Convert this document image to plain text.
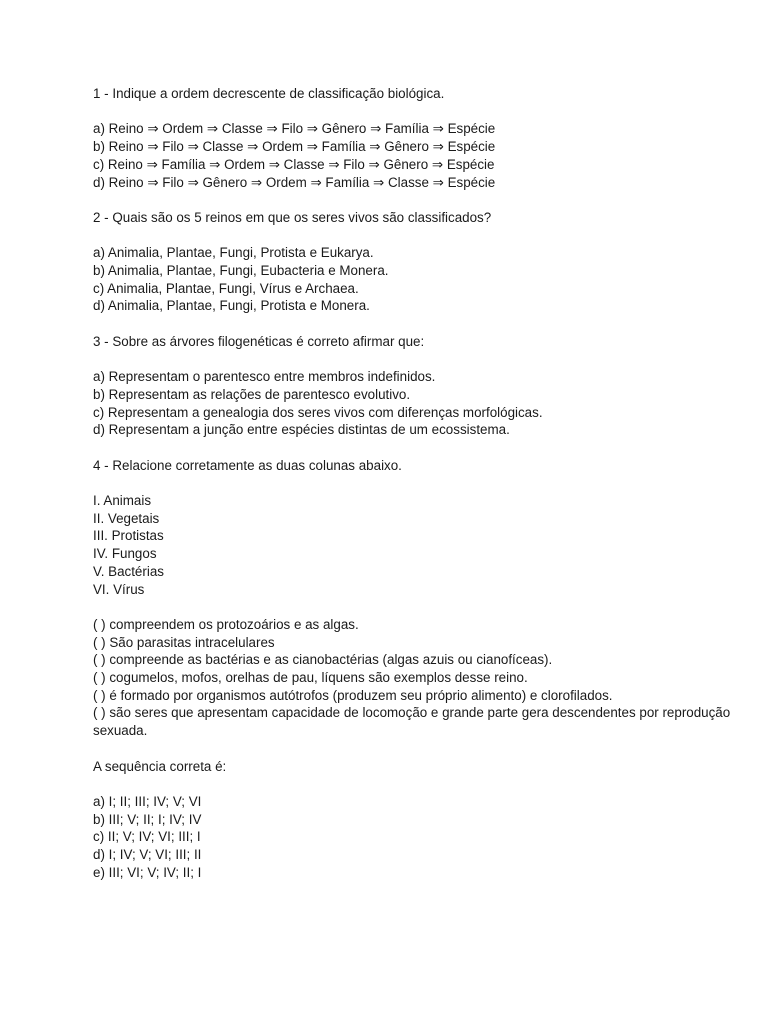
1 - Indique a ordem decrescente de classificação biológica.
a) Reino ⇒ Ordem ⇒ Classe ⇒ Filo ⇒ Gênero ⇒ Família ⇒ Espécie
b) Reino ⇒ Filo ⇒ Classe ⇒ Ordem ⇒ Família ⇒ Gênero ⇒ Espécie
c) Reino ⇒ Família ⇒ Ordem ⇒ Classe ⇒ Filo ⇒ Gênero ⇒ Espécie
d) Reino ⇒ Filo ⇒ Gênero ⇒ Ordem ⇒ Família ⇒ Classe ⇒ Espécie
2 - Quais são os 5 reinos em que os seres vivos são classificados?
a) Animalia, Plantae, Fungi, Protista e Eukarya.
b) Animalia, Plantae, Fungi, Eubacteria e Monera.
c) Animalia, Plantae, Fungi, Vírus e Archaea.
d) Animalia, Plantae, Fungi, Protista e Monera.
3 - Sobre as árvores filogenéticas é correto afirmar que:
a) Representam o parentesco entre membros indefinidos.
b) Representam as relações de parentesco evolutivo.
c) Representam a genealogia dos seres vivos com diferenças morfológicas.
d) Representam a junção entre espécies distintas de um ecossistema.
4 - Relacione corretamente as duas colunas abaixo.
I. Animais
II. Vegetais
III. Protistas
IV. Fungos
V. Bactérias
VI. Vírus
( ) compreendem os protozoários e as algas.
( ) São parasitas intracelulares
( ) compreende as bactérias e as cianobactérias (algas azuis ou cianofíceas).
( ) cogumelos, mofos, orelhas de pau, líquens são exemplos desse reino.
( ) é formado por organismos autótrofos (produzem seu próprio alimento) e clorofilados.
( ) são seres que apresentam capacidade de locomoção e grande parte gera descendentes por reprodução sexuada.
A sequência correta é:
a) I; II; III; IV; V; VI
b) III; V; II; I; IV; IV
c) II; V; IV; VI; III; I
d) I; IV; V; VI; III; II
e) III; VI; V; IV; II; I
